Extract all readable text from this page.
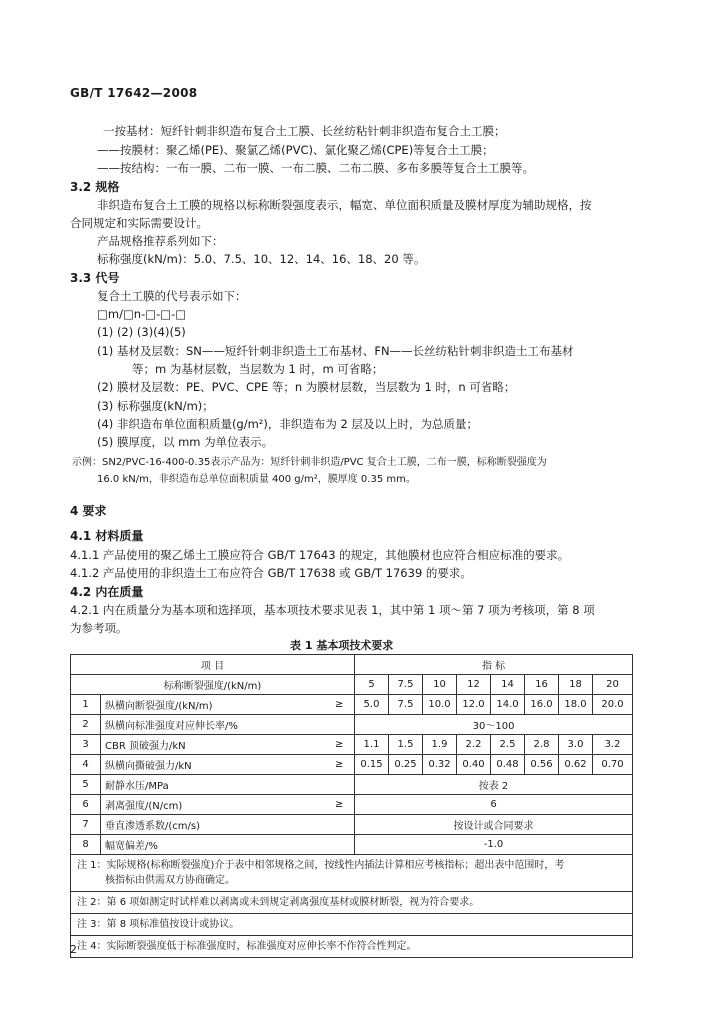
GB/T 17642—2008
一按基材：短纤针刺非织造布复合土工膜、长丝纺粘针刺非织造布复合土工膜；
——按膜材：聚乙烯(PE)、聚氯乙烯(PVC)、氯化聚乙烯(CPE)等复合土工膜；
——按结构：一布一膜、二布一膜、一布二膜、二布二膜、多布多膜等复合土工膜等。
3.2 规格
非织造布复合土工膜的规格以标称断裂强度表示，幅宽、单位面积质量及膜材厚度为辅助规格，按
合同规定和实际需要设计。
产品规格推荐系列如下：
标称强度(kN/m)：5.0、7.5、10、12、14、16、18、20 等。
3.3 代号
复合土工膜的代号表示如下：
□m/□n-□-□-□
(1) (2) (3)(4)(5)
(1) 基材及层数：SN——短纤针刺非织造土工布基材、FN——长丝纺粘针刺非织造土工布基材
等；m 为基材层数，当层数为 1 时，m 可省略；
(2) 膜材及层数：PE、PVC、CPE 等；n 为膜材层数，当层数为 1 时，n 可省略；
(3) 标称强度(kN/m)；
(4) 非织造布单位面积质量(g/m²)，非织造布为 2 层及以上时，为总质量；
(5) 膜厚度，以 mm 为单位表示。
示例：SN2/PVC-16-400-0.35表示产品为：短纤针刺非织造/PVC 复合土工膜，二布一膜，标称断裂强度为
16.0 kN/m，非织造布总单位面积质量 400 g/m²，膜厚度 0.35 mm。
4 要求
4.1 材料质量
4.1.1 产品使用的聚乙烯土工膜应符合 GB/T 17643 的规定，其他膜材也应符合相应标准的要求。
4.1.2 产品使用的非织造土工布应符合 GB/T 17638 或 GB/T 17639 的要求。
4.2 内在质量
4.2.1 内在质量分为基本项和选择项，基本项技术要求见表 1，其中第 1 项～第 7 项为考核项，第 8 项
为参考项。
表 1 基本项技术要求
项 目			指 标							
标称断裂强度/(kN/m)			5	7.5	10	12	14	16	18	20
1	纵横向断裂强度/(kN/m)	≥	5.0	7.5	10.0	12.0	14.0	16.0	18.0	20.0
2	纵横向标准强度对应伸长率/%		30～100							
3	CBR 顶破强力/kN	≥	1.1	1.5	1.9	2.2	2.5	2.8	3.0	3.2
4	纵横向撕破强力/kN	≥	0.15	0.25	0.32	0.40	0.48	0.56	0.62	0.70
5	耐静水压/MPa		按表 2							
6	剥离强度/(N/cm)	≥	6							
7	垂直渗透系数/(cm/s)		按设计或合同要求							
8	幅宽偏差/%		-1.0							

注 1：实际规格(标称断裂强度)介于表中相邻规格之间，按线性内插法计算相应考核指标；超出表中范围时，考
核指标由供需双方协商确定。										

注 2：第 6 项如测定时试样难以剥离或未到规定剥离强度基材或膜材断裂，视为符合要求。										
注 3：第 8 项标准值按设计或协议。										
注 4：实际断裂强度低于标准强度时，标准强度对应伸长率不作符合性判定。										
2
